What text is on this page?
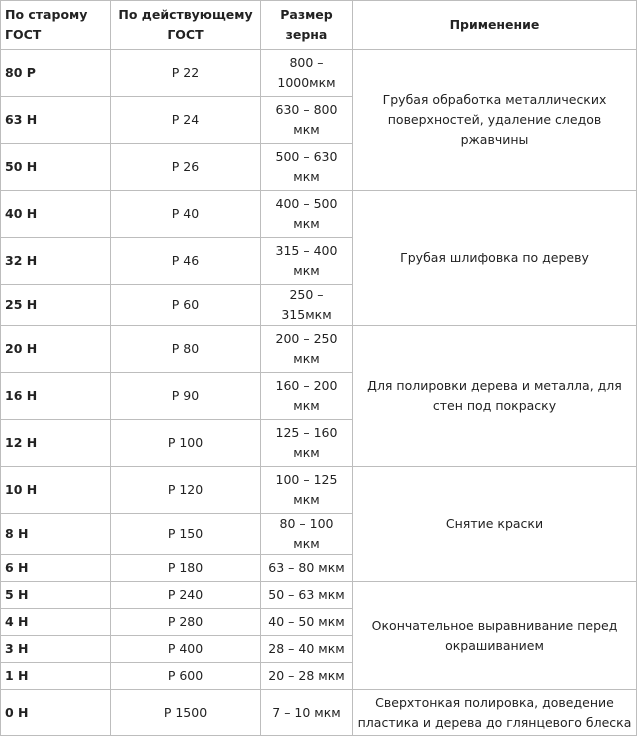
По старому ГОСТ	По действующему ГОСТ	Размер зерна	Применение
80 Р	Р 22	800 – 1000мкм	Грубая обработка металлических поверхностей, удаление следов ржавчины

63 Н	Р 24	630 – 800 мкм	
50 Н	Р 26	500 – 630 мкм	
40 Н	Р 40	400 – 500 мкм	Грубая шлифовка по дереву

32 Н	Р 46	315 – 400 мкм	
25 Н	Р 60	250 – 315мкм	
20 Н	Р 80	200 – 250 мкм	Для полировки дерева и металла, для стен под покраску

16 Н	Р 90	160 – 200 мкм	
12 Н	Р 100	125 – 160 мкм	
10 Н	Р 120	100 – 125 мкм	Снятие краски

8 Н	Р 150	80 – 100 мкм	
6 Н	Р 180	63 – 80 мкм	
5 Н	Р 240	50 – 63 мкм	Окончательное выравнивание перед окрашиванием

4 Н	Р 280	40 – 50 мкм	
3 Н	Р 400	28 – 40 мкм	
1 Н	Р 600	20 – 28 мкм	
0 Н	Р 1500	7 – 10 мкм	Сверхтонкая полировка, доведение пластика и дерева до глянцевого блеска
